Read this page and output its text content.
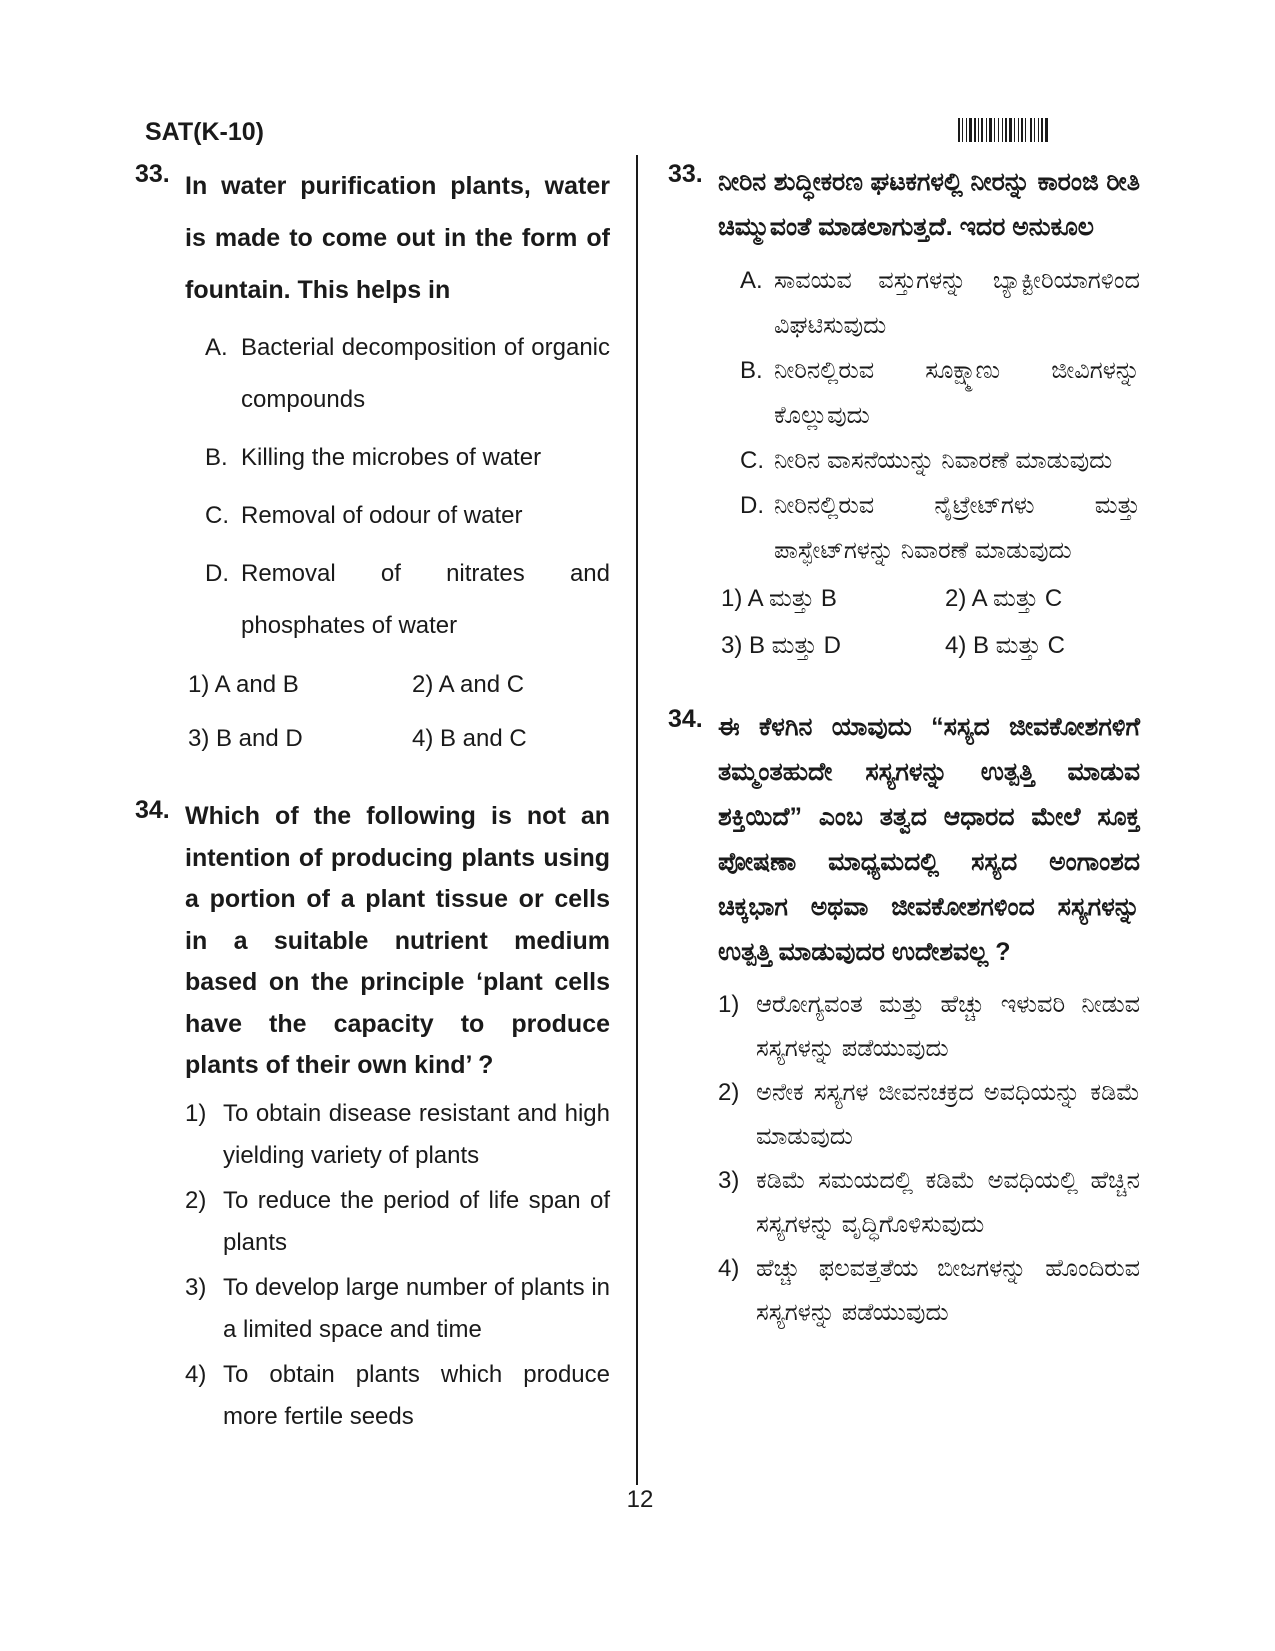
SAT(K-10)
33. In water purification plants, water is made to come out in the form of fountain. This helps in
A. Bacterial decomposition of organic compounds
B. Killing the microbes of water
C. Removal of odour of water
D. Removal of nitrates and phosphates of water
1) A and B	2) A and C
3) B and D	4) B and C
34. Which of the following is not an intention of producing plants using a portion of a plant tissue or cells in a suitable nutrient medium based on the principle ‘plant cells have the capacity to produce plants of their own kind’ ?
1) To obtain disease resistant and high yielding variety of plants
2) To reduce the period of life span of plants
3) To develop large number of plants in a limited space and time
4) To obtain plants which produce more fertile seeds
33. ನೀರಿನ ಶುದ್ಧೀಕರಣ ಘಟಕಗಳಲ್ಲಿ ನೀರನ್ನು ಕಾರಂಜಿ ರೀತಿ ಚಿಮ್ಮುವಂತೆ ಮಾಡಲಾಗುತ್ತದೆ. ಇದರ ಅನುಕೂಲ
A. ಸಾವಯವ ವಸ್ತುಗಳನ್ನು ಬ್ಯಾಕ್ಟೀರಿಯಾಗಳಿಂದ ವಿಘಟಿಸುವುದು
B. ನೀರಿನಲ್ಲಿರುವ ಸೂಕ್ಷ್ಮಾಣು ಜೀವಿಗಳನ್ನು ಕೊಲ್ಲುವುದು
C. ನೀರಿನ ವಾಸನೆಯುನ್ನು ನಿವಾರಣೆ ಮಾಡುವುದು
D. ನೀರಿನಲ್ಲಿರುವ ನೈಟ್ರೇಟ್‌ಗಳು ಮತ್ತು ಪಾಸ್ಫೇಟ್‌ಗಳನ್ನು ನಿವಾರಣೆ ಮಾಡುವುದು
1) A ಮತ್ತು B	2) A ಮತ್ತು C
3) B ಮತ್ತು D	4) B ಮತ್ತು C
34. ಈ ಕೆಳಗಿನ ಯಾವುದು “ಸಸ್ಯದ ಜೀವಕೋಶಗಳಿಗೆ ತಮ್ಮಂತಹುದೇ ಸಸ್ಯಗಳನ್ನು ಉತ್ಪತ್ತಿ ಮಾಡುವ ಶಕ್ತಿಯಿದೆ” ಎಂಬ ತತ್ವದ ಆಧಾರದ ಮೇಲೆ ಸೂಕ್ತ ಪೋಷಣಾ ಮಾಧ್ಯಮದಲ್ಲಿ ಸಸ್ಯದ ಅಂಗಾಂಶದ ಚಿಕ್ಕಭಾಗ ಅಥವಾ ಜೀವಕೋಶಗಳಿಂದ ಸಸ್ಯಗಳನ್ನು ಉತ್ಪತ್ತಿ ಮಾಡುವುದರ ಉದೇಶವಲ್ಲ ?
1) ಆರೋಗ್ಯವಂತ ಮತ್ತು ಹೆಚ್ಚು ಇಳುವರಿ ನೀಡುವ ಸಸ್ಯಗಳನ್ನು ಪಡೆಯುವುದು
2) ಅನೇಕ ಸಸ್ಯಗಳ ಜೀವನಚಕ್ರದ ಅವಧಿಯನ್ನು ಕಡಿಮೆ ಮಾಡುವುದು
3) ಕಡಿಮೆ ಸಮಯದಲ್ಲಿ ಕಡಿಮೆ ಅವಧಿಯಲ್ಲಿ ಹೆಚ್ಚಿನ ಸಸ್ಯಗಳನ್ನು ವೃದ್ಧಿಗೊಳಿಸುವುದು
4) ಹೆಚ್ಚು ಫಲವತ್ತತೆಯ ಬೀಜಗಳನ್ನು ಹೊಂದಿರುವ ಸಸ್ಯಗಳನ್ನು ಪಡೆಯುವುದು
12
